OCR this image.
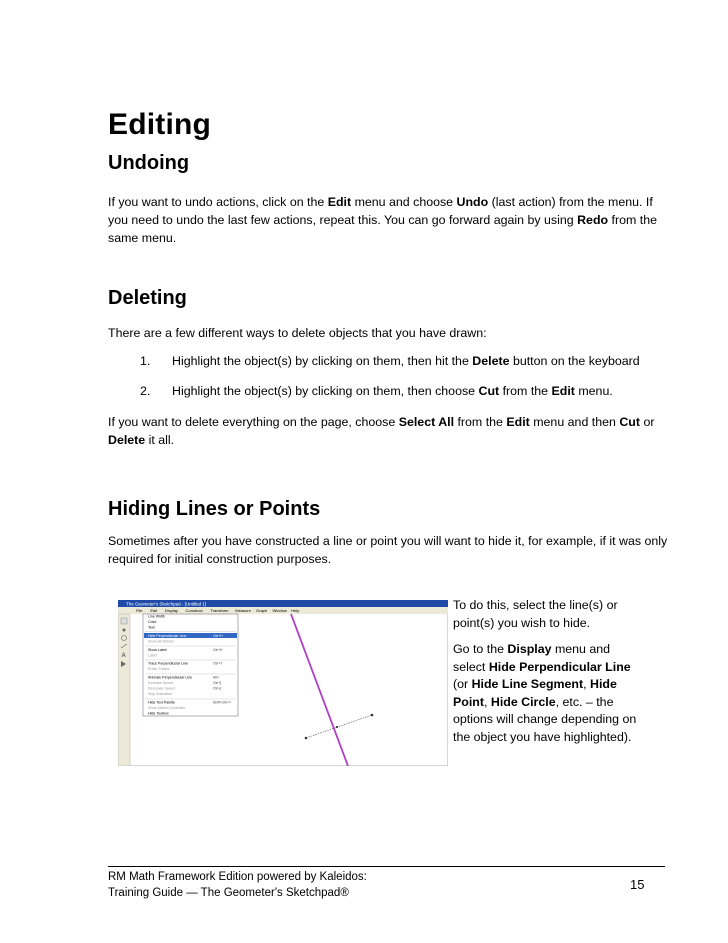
Editing
Undoing

If you want to undo actions, click on the Edit menu and choose Undo (last action) from the menu. If you need to undo the last few actions, repeat this. You can go forward again by using Redo from the same menu.

Deleting

There are a few different ways to delete objects that you have drawn:

1. Highlight the object(s) by clicking on them, then hit the Delete button on the keyboard
2. Highlight the object(s) by clicking on them, then choose Cut from the Edit menu.

If you want to delete everything on the page, choose Select All from the Edit menu and then Cut or Delete it all.

Hiding Lines or Points

Sometimes after you have constructed a line or point you will want to hide it, for example, if it was only required for initial construction purposes.

The Geometer's Sketchpad - [Untitled 1]
File Edit Display Construct Transform Measure Graph Window Help
A
Line Width
Color
Text
Hide Perpendicular Line	Ctrl+H
Show All Hidden
Show Label	Ctrl+K
Label
Trace Perpendicular Line	Ctrl+T
Erase Traces
Animate Perpendicular Line	Alt+`
Increase Speed	Ctrl+]
Decrease Speed	Ctrl+[
Stop Animation
Hide Text Palette	Shift+Ctrl+T
Show Motion Controller
Hide Toolbox
To do this, select the line(s) or point(s) you wish to hide.
Go to the Display menu and select Hide Perpendicular Line (or Hide Line Segment, Hide Point, Hide Circle, etc. – the options will change depending on the object you have highlighted).
RM Math Framework Edition powered by Kaleidos:
Training Guide — The Geometer's Sketchpad®
15
